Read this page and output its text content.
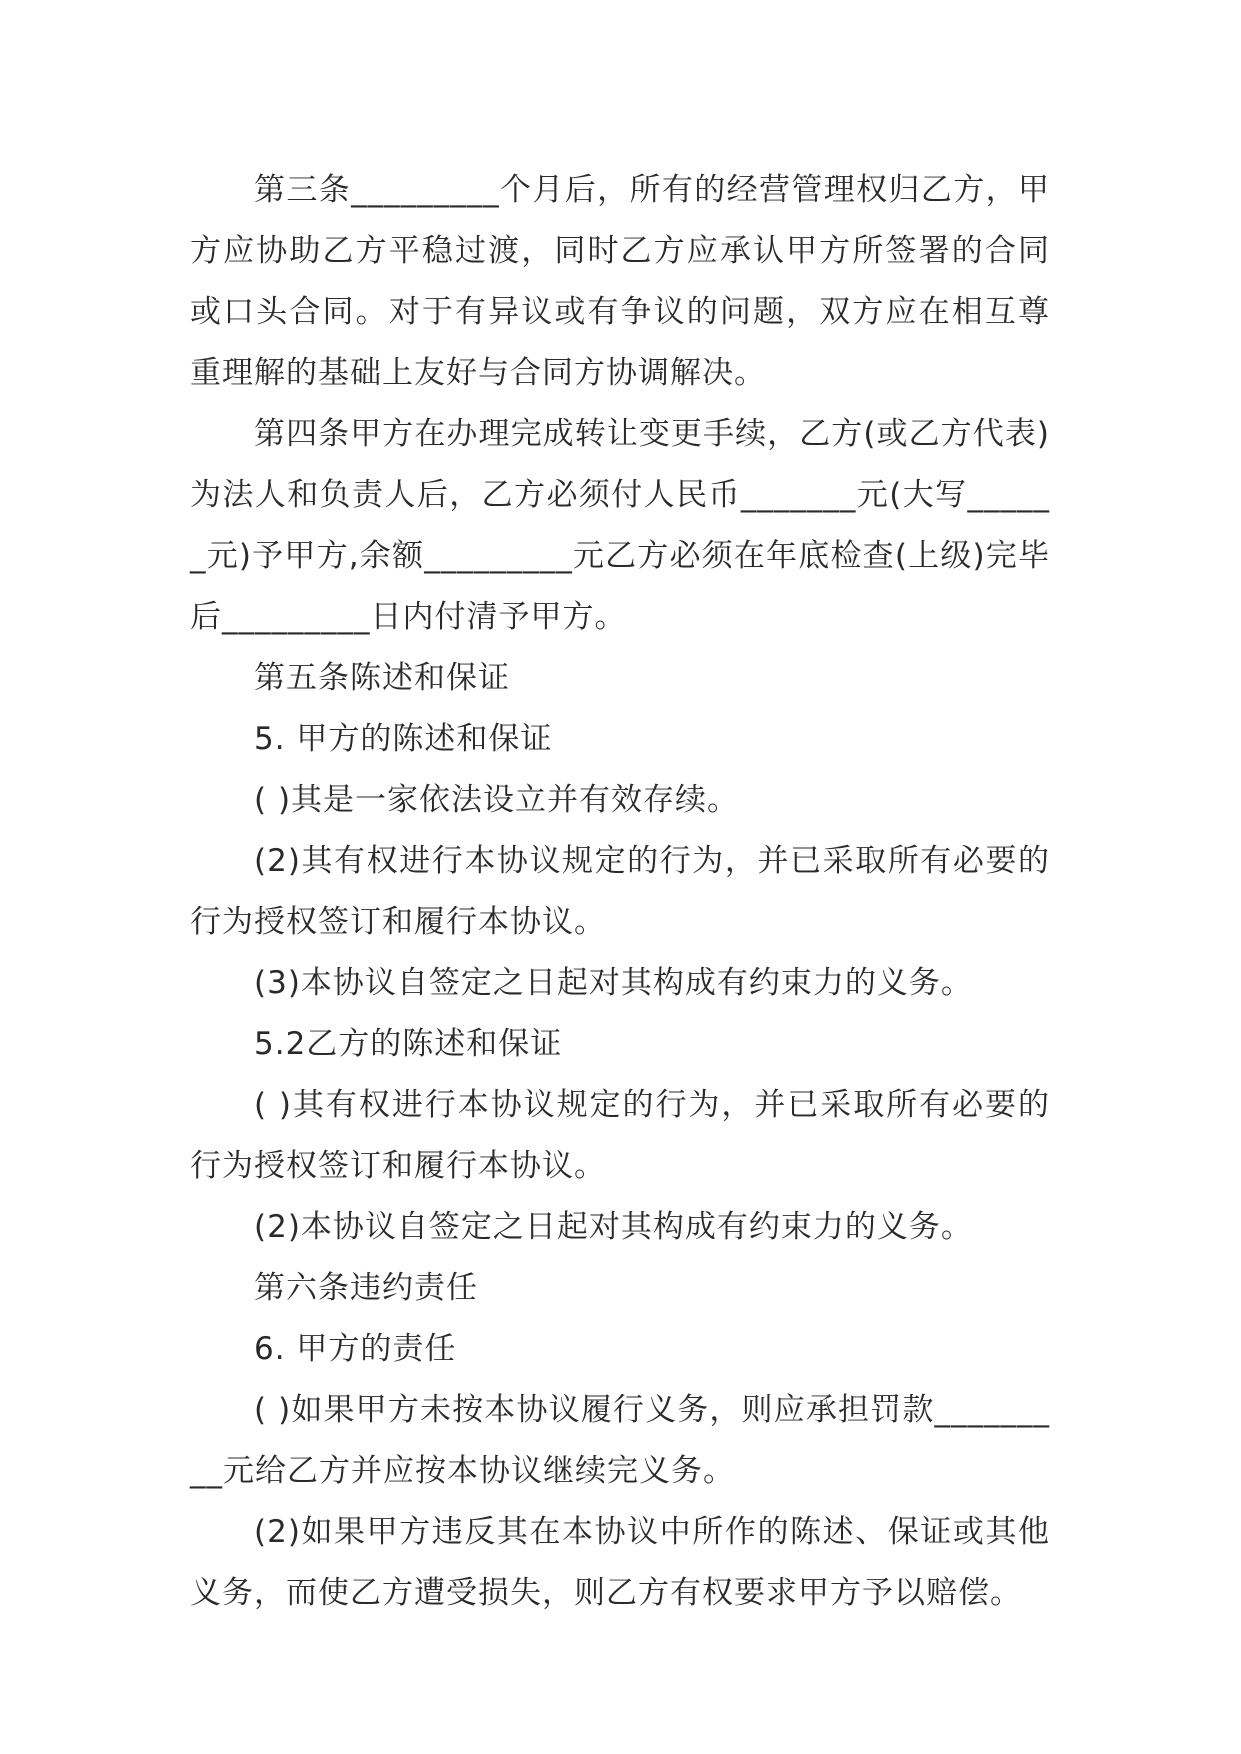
第三条_________个月后，所有的经营管理权归乙方，甲方应协助乙方平稳过渡，同时乙方应承认甲方所签署的合同或口头合同。对于有异议或有争议的问题，双方应在相互尊重理解的基础上友好与合同方协调解决。

第四条甲方在办理完成转让变更手续，乙方(或乙方代表)为法人和负责人后，乙方必须付人民币_______元(大写______元)予甲方,余额_________元乙方必须在年底检查(上级)完毕后_________日内付清予甲方。

第五条陈述和保证

5. 甲方的陈述和保证

( )其是一家依法设立并有效存续。

(2)其有权进行本协议规定的行为，并已采取所有必要的行为授权签订和履行本协议。

(3)本协议自签定之日起对其构成有约束力的义务。

5.2乙方的陈述和保证

( )其有权进行本协议规定的行为，并已采取所有必要的行为授权签订和履行本协议。

(2)本协议自签定之日起对其构成有约束力的义务。

第六条违约责任

6. 甲方的责任

( )如果甲方未按本协议履行义务，则应承担罚款_________元给乙方并应按本协议继续完义务。

(2)如果甲方违反其在本协议中所作的陈述、保证或其他义务，而使乙方遭受损失，则乙方有权要求甲方予以赔偿。
